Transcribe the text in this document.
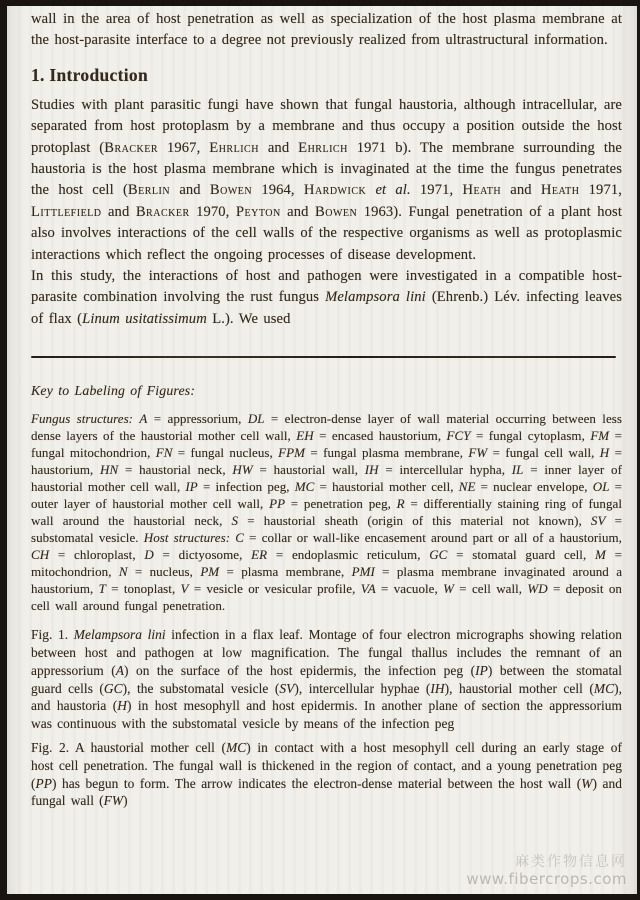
wall in the area of host penetration as well as specialization of the host plasma membrane at the host-parasite interface to a degree not previously realized from ultrastructural information.

1. Introduction

Studies with plant parasitic fungi have shown that fungal haustoria, although intracellular, are separated from host protoplasm by a membrane and thus occupy a position outside the host protoplast (Bracker 1967, Ehrlich and Ehrlich 1971 b). The membrane surrounding the haustoria is the host plasma membrane which is invaginated at the time the fungus penetrates the host cell (Berlin and Bowen 1964, Hardwick et al. 1971, Heath and Heath 1971, Littlefield and Bracker 1970, Peyton and Bowen 1963). Fungal penetration of a plant host also involves interactions of the cell walls of the respective organisms as well as protoplasmic interactions which reflect the ongoing processes of disease development.

In this study, the interactions of host and pathogen were investigated in a compatible host-parasite combination involving the rust fungus Melampsora lini (Ehrenb.) Lév. infecting leaves of flax (Linum usitatissimum L.). We used

Key to Labeling of Figures:

Fungus structures: A = appressorium, DL = electron-dense layer of wall material occurring between less dense layers of the haustorial mother cell wall, EH = encased haustorium, FCY = fungal cytoplasm, FM = fungal mitochondrion, FN = fungal nucleus, FPM = fungal plasma membrane, FW = fungal cell wall, H = haustorium, HN = haustorial neck, HW = haustorial wall, IH = intercellular hypha, IL = inner layer of haustorial mother cell wall, IP = infection peg, MC = haustorial mother cell, NE = nuclear envelope, OL = outer layer of haustorial mother cell wall, PP = penetration peg, R = differentially staining ring of fungal wall around the haustorial neck, S = haustorial sheath (origin of this material not known), SV = substomatal vesicle. Host structures: C = collar or wall-like encasement around part or all of a haustorium, CH = chloroplast, D = dictyosome, ER = endoplasmic reticulum, GC = stomatal guard cell, M = mitochondrion, N = nucleus, PM = plasma membrane, PMI = plasma membrane invaginated around a haustorium, T = tonoplast, V = vesicle or vesicular profile, VA = vacuole, W = cell wall, WD = deposit on cell wall around fungal penetration.

Fig. 1. Melampsora lini infection in a flax leaf. Montage of four electron micrographs showing relation between host and pathogen at low magnification. The fungal thallus includes the remnant of an appressorium (A) on the surface of the host epidermis, the infection peg (IP) between the stomatal guard cells (GC), the substomatal vesicle (SV), intercellular hyphae (IH), haustorial mother cell (MC), and haustoria (H) in host mesophyll and host epidermis. In another plane of section the appressorium was continuous with the substomatal vesicle by means of the infection peg

Fig. 2. A haustorial mother cell (MC) in contact with a host mesophyll cell during an early stage of host cell penetration. The fungal wall is thickened in the region of contact, and a young penetration peg (PP) has begun to form. The arrow indicates the electron-dense material between the host wall (W) and fungal wall (FW)

麻类作物信息网
www.fibercrops.com
